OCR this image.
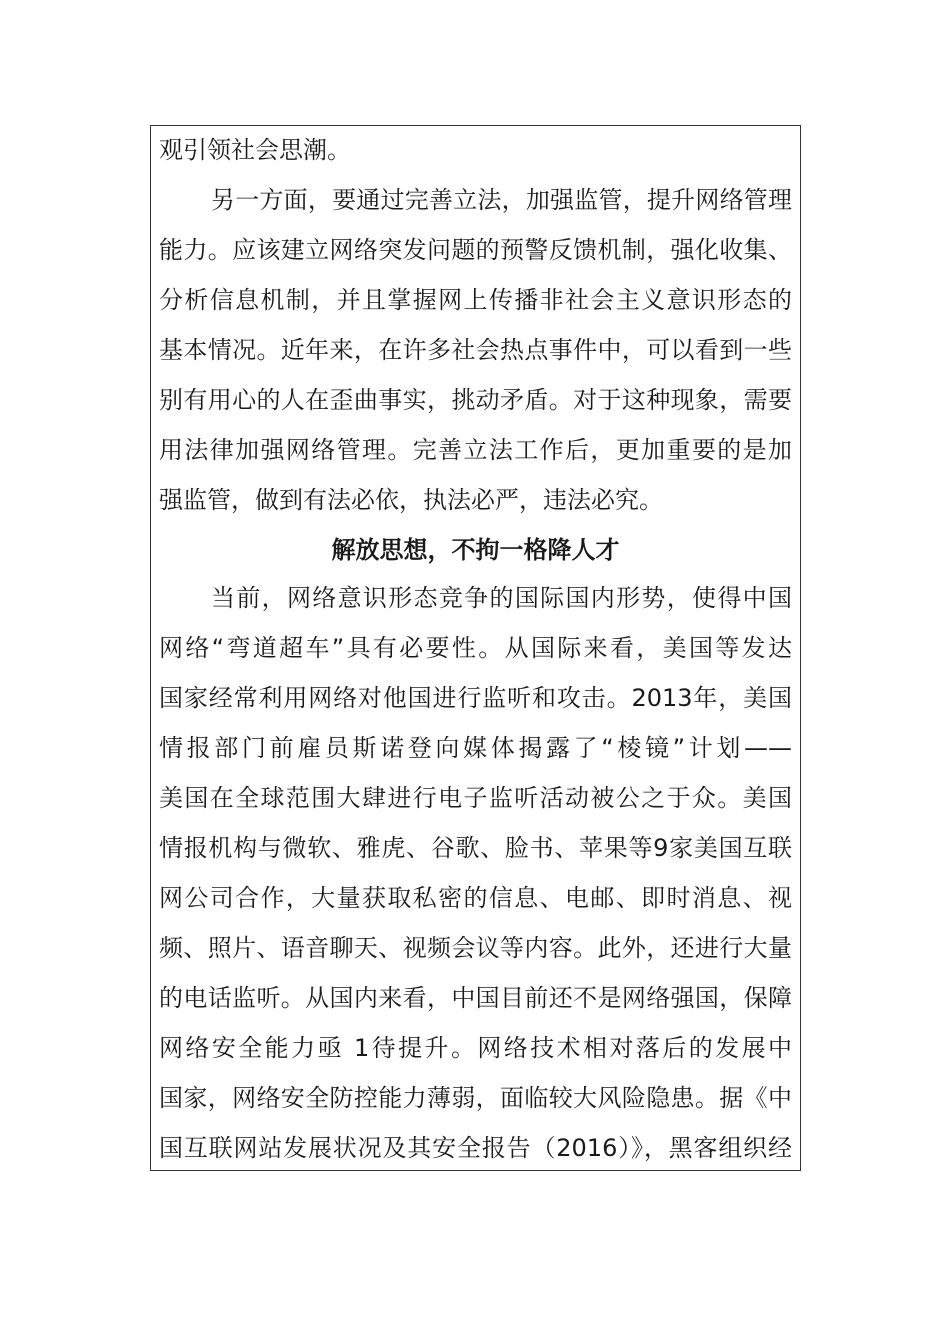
观引领社会思潮。
另一方面，要通过完善立法，加强监管，提升网络管理
能力。应该建立网络突发问题的预警反馈机制，强化收集、
分析信息机制，并且掌握网上传播非社会主义意识形态的
基本情况。近年来，在许多社会热点事件中，可以看到一些
别有用心的人在歪曲事实，挑动矛盾。对于这种现象，需要
用法律加强网络管理。完善立法工作后，更加重要的是加
强监管，做到有法必依，执法必严，违法必究。
解放思想，不拘一格降人才
当前，网络意识形态竞争的国际国内形势，使得中国
网络“弯道超车”具有必要性。从国际来看，美国等发达
国家经常利用网络对他国进行监听和攻击。2013年，美国
情报部门前雇员斯诺登向媒体揭露了“棱镜”计划——
美国在全球范围大肆进行电子监听活动被公之于众。美国
情报机构与微软、雅虎、谷歌、脸书、苹果等9家美国互联
网公司合作，大量获取私密的信息、电邮、即时消息、视
频、照片、语音聊天、视频会议等内容。此外，还进行大量
的电话监听。从国内来看，中国目前还不是网络强国，保障
网络安全能力亟 1待提升。网络技术相对落后的发展中
国家，网络安全防控能力薄弱，面临较大风险隐患。据《中
国互联网站发展状况及其安全报告（2016）》，黑客组织经
